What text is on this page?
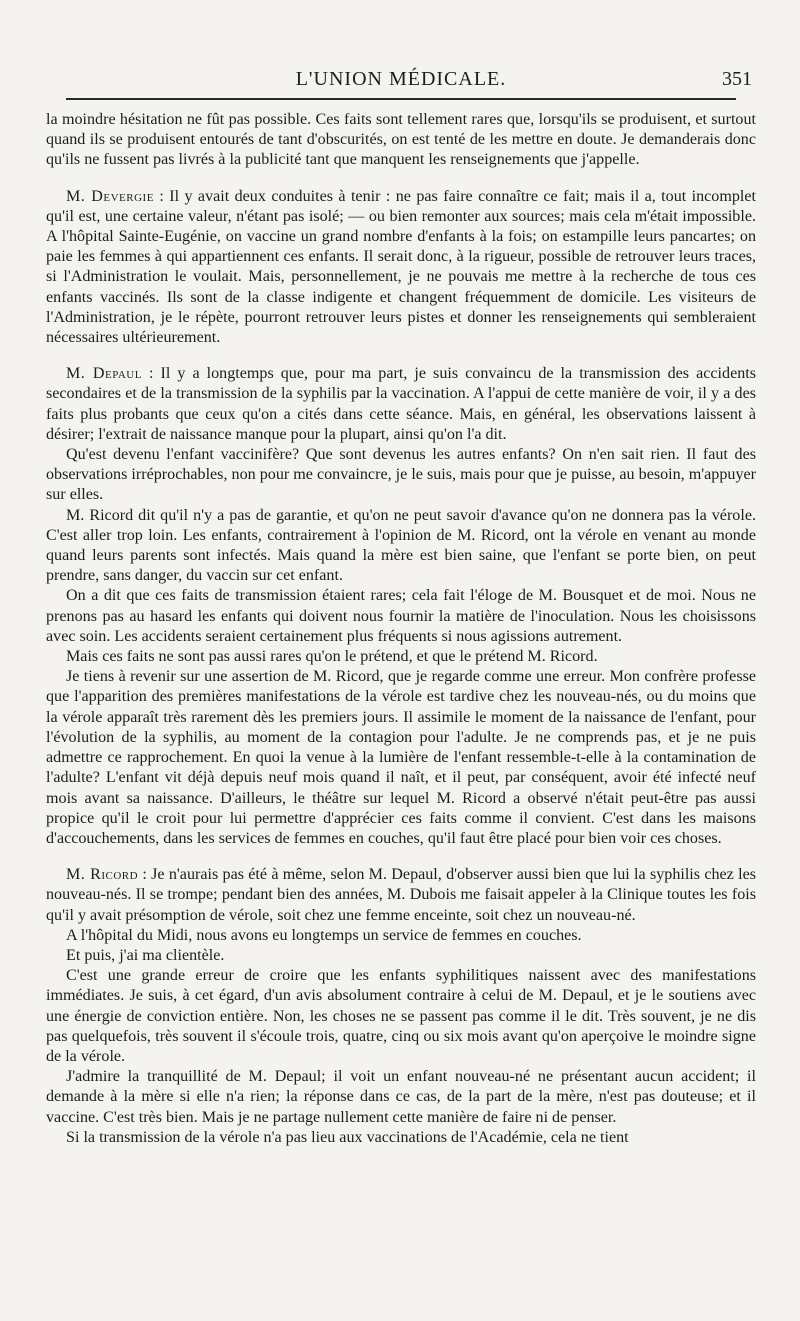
L'UNION MÉDICALE.	351

la moindre hésitation ne fût pas possible. Ces faits sont tellement rares que, lorsqu'ils se produisent, et surtout quand ils se produisent entourés de tant d'obscurités, on est tenté de les mettre en doute. Je demanderais donc qu'ils ne fussent pas livrés à la publicité tant que manquent les renseignements que j'appelle.

M. Devergie : Il y avait deux conduites à tenir : ne pas faire connaître ce fait; mais il a, tout incomplet qu'il est, une certaine valeur, n'étant pas isolé; — ou bien remonter aux sources; mais cela m'était impossible. A l'hôpital Sainte-Eugénie, on vaccine un grand nombre d'enfants à la fois; on estampille leurs pancartes; on paie les femmes à qui appartiennent ces enfants. Il serait donc, à la rigueur, possible de retrouver leurs traces, si l'Administration le voulait. Mais, personnellement, je ne pouvais me mettre à la recherche de tous ces enfants vaccinés. Ils sont de la classe indigente et changent fréquemment de domicile. Les visiteurs de l'Administration, je le répète, pourront retrouver leurs pistes et donner les renseignements qui sembleraient nécessaires ultérieurement.

M. Depaul : Il y a longtemps que, pour ma part, je suis convaincu de la transmission des accidents secondaires et de la transmission de la syphilis par la vaccination. A l'appui de cette manière de voir, il y a des faits plus probants que ceux qu'on a cités dans cette séance. Mais, en général, les observations laissent à désirer; l'extrait de naissance manque pour la plupart, ainsi qu'on l'a dit.

Qu'est devenu l'enfant vaccinifère? Que sont devenus les autres enfants? On n'en sait rien. Il faut des observations irréprochables, non pour me convaincre, je le suis, mais pour que je puisse, au besoin, m'appuyer sur elles.

M. Ricord dit qu'il n'y a pas de garantie, et qu'on ne peut savoir d'avance qu'on ne donnera pas la vérole. C'est aller trop loin. Les enfants, contrairement à l'opinion de M. Ricord, ont la vérole en venant au monde quand leurs parents sont infectés. Mais quand la mère est bien saine, que l'enfant se porte bien, on peut prendre, sans danger, du vaccin sur cet enfant.

On a dit que ces faits de transmission étaient rares; cela fait l'éloge de M. Bousquet et de moi. Nous ne prenons pas au hasard les enfants qui doivent nous fournir la matière de l'inoculation. Nous les choisissons avec soin. Les accidents seraient certainement plus fréquents si nous agissions autrement.

Mais ces faits ne sont pas aussi rares qu'on le prétend, et que le prétend M. Ricord.

Je tiens à revenir sur une assertion de M. Ricord, que je regarde comme une erreur. Mon confrère professe que l'apparition des premières manifestations de la vérole est tardive chez les nouveau-nés, ou du moins que la vérole apparaît très rarement dès les premiers jours. Il assimile le moment de la naissance de l'enfant, pour l'évolution de la syphilis, au moment de la contagion pour l'adulte. Je ne comprends pas, et je ne puis admettre ce rapprochement. En quoi la venue à la lumière de l'enfant ressemble-t-elle à la contamination de l'adulte? L'enfant vit déjà depuis neuf mois quand il naît, et il peut, par conséquent, avoir été infecté neuf mois avant sa naissance. D'ailleurs, le théâtre sur lequel M. Ricord a observé n'était peut-être pas aussi propice qu'il le croit pour lui permettre d'apprécier ces faits comme il convient. C'est dans les maisons d'accouchements, dans les services de femmes en couches, qu'il faut être placé pour bien voir ces choses.

M. Ricord : Je n'aurais pas été à même, selon M. Depaul, d'observer aussi bien que lui la syphilis chez les nouveau-nés. Il se trompe; pendant bien des années, M. Dubois me faisait appeler à la Clinique toutes les fois qu'il y avait présomption de vérole, soit chez une femme enceinte, soit chez un nouveau-né.

A l'hôpital du Midi, nous avons eu longtemps un service de femmes en couches.

Et puis, j'ai ma clientèle.

C'est une grande erreur de croire que les enfants syphilitiques naissent avec des manifestations immédiates. Je suis, à cet égard, d'un avis absolument contraire à celui de M. Depaul, et je le soutiens avec une énergie de conviction entière. Non, les choses ne se passent pas comme il le dit. Très souvent, je ne dis pas quelquefois, très souvent il s'écoule trois, quatre, cinq ou six mois avant qu'on aperçoive le moindre signe de la vérole.

J'admire la tranquillité de M. Depaul; il voit un enfant nouveau-né ne présentant aucun accident; il demande à la mère si elle n'a rien; la réponse dans ce cas, de la part de la mère, n'est pas douteuse; et il vaccine. C'est très bien. Mais je ne partage nullement cette manière de faire ni de penser.

Si la transmission de la vérole n'a pas lieu aux vaccinations de l'Académie, cela ne tient
